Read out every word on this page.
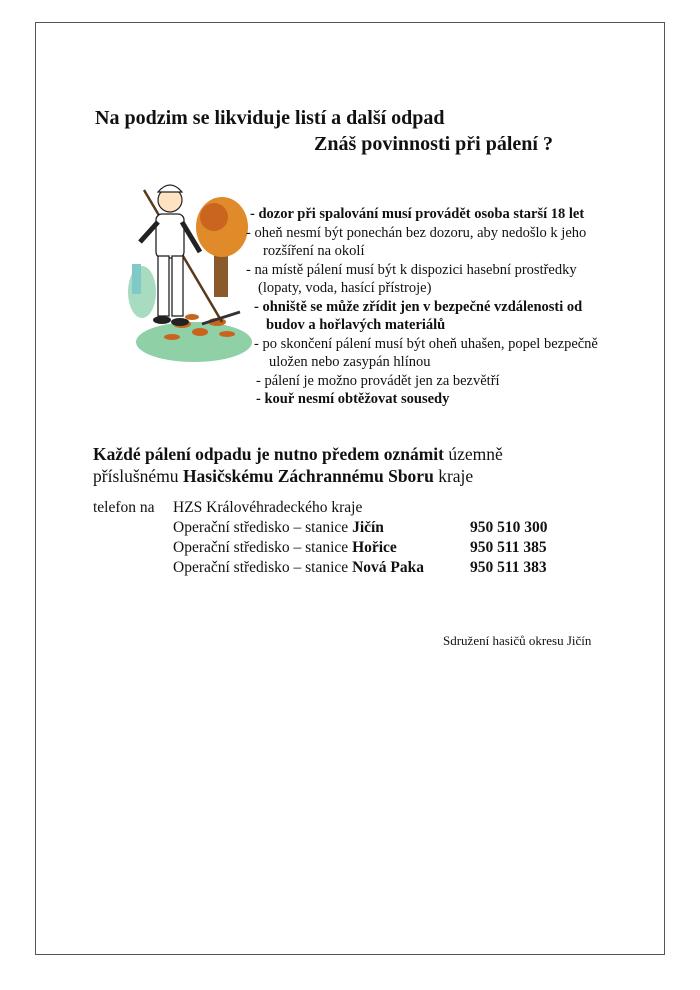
Na podzim se likviduje listí a další odpad
Znáš povinnosti při pálení ?
- dozor při spalování musí provádět osoba starší 18 let
- oheň nesmí být ponechán bez dozoru, aby nedošlo k jeho
rozšíření na okolí
- na místě pálení musí být k dispozici hasební prostředky
(lopaty, voda, hasící přístroje)
- ohniště se může zřídit jen v bezpečné vzdálenosti od
budov a hořlavých materiálů
- po skončení pálení musí být oheň uhašen, popel bezpečně
uložen nebo zasypán hlínou
- pálení je možno provádět jen za bezvětří
- kouř nesmí obtěžovat sousedy
Každé pálení odpadu je nutno předem oznámit územně
příslušnému Hasičskému Záchrannému Sboru kraje
telefon na HZS Královéhradeckého kraje
Operační středisko – stanice Jičín	950 510 300
Operační středisko – stanice Hořice	950 511 385
Operační středisko – stanice Nová Paka	950 511 383
Sdružení hasičů okresu Jičín
